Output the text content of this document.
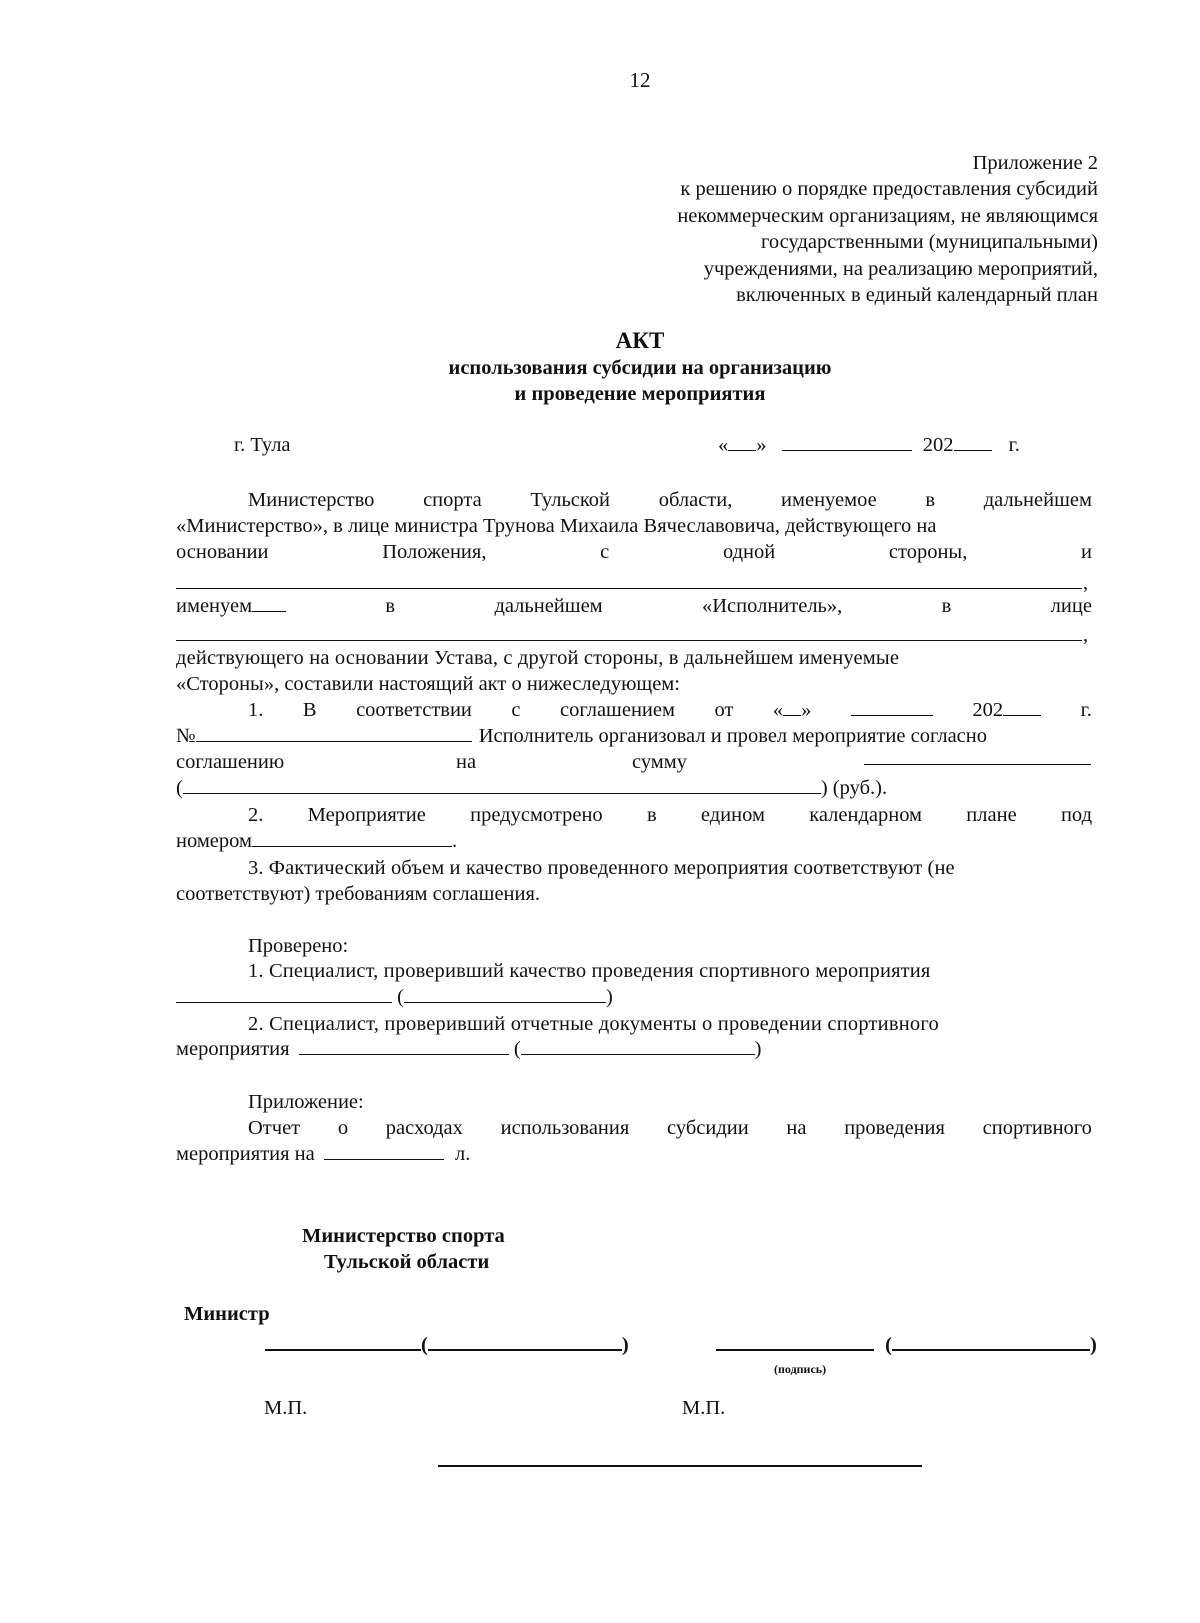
12
Приложение 2
к решению о порядке предоставления субсидий
некоммерческим организациям, не являющимся
государственными (муниципальными)
учреждениями, на реализацию мероприятий,
включенных в единый календарный план
АКТ
использования субсидии на организацию
и проведение мероприятия
г. Тула	« »	202	г.
Министерство спорта Тульской области, именуемое в дальнейшем
«Министерство», в лице министра Трунова Михаила Вячеславовича, действующего на
основании	Положения,	с	одной	стороны,	и
,
именуем	в	дальнейшем	«Исполнитель»,	в	лице
,
действующего на основании Устава, с другой стороны, в дальнейшем именуемые
«Стороны», составили настоящий акт о нижеследующем:
1. В соответствии с соглашением от « »	202	г.
№	Исполнитель организовал и провел мероприятие согласно
соглашению	на	сумму
(	) (руб.).
2. Мероприятие предусмотрено в едином календарном плане под
номером	.
3. Фактический объем и качество проведенного мероприятия соответствуют (не
соответствуют) требованиям соглашения.
Проверено:
1. Специалист, проверивший качество проведения спортивного мероприятия
(	)
2. Специалист, проверивший отчетные документы о проведении спортивного
мероприятия	(	)
Приложение:
Отчет о расходах использования субсидии на проведения спортивного
мероприятия на	л.
Министерство спорта
Тульской области
Министр
(	)	(	)
(подпись)
М.П.	М.П.
